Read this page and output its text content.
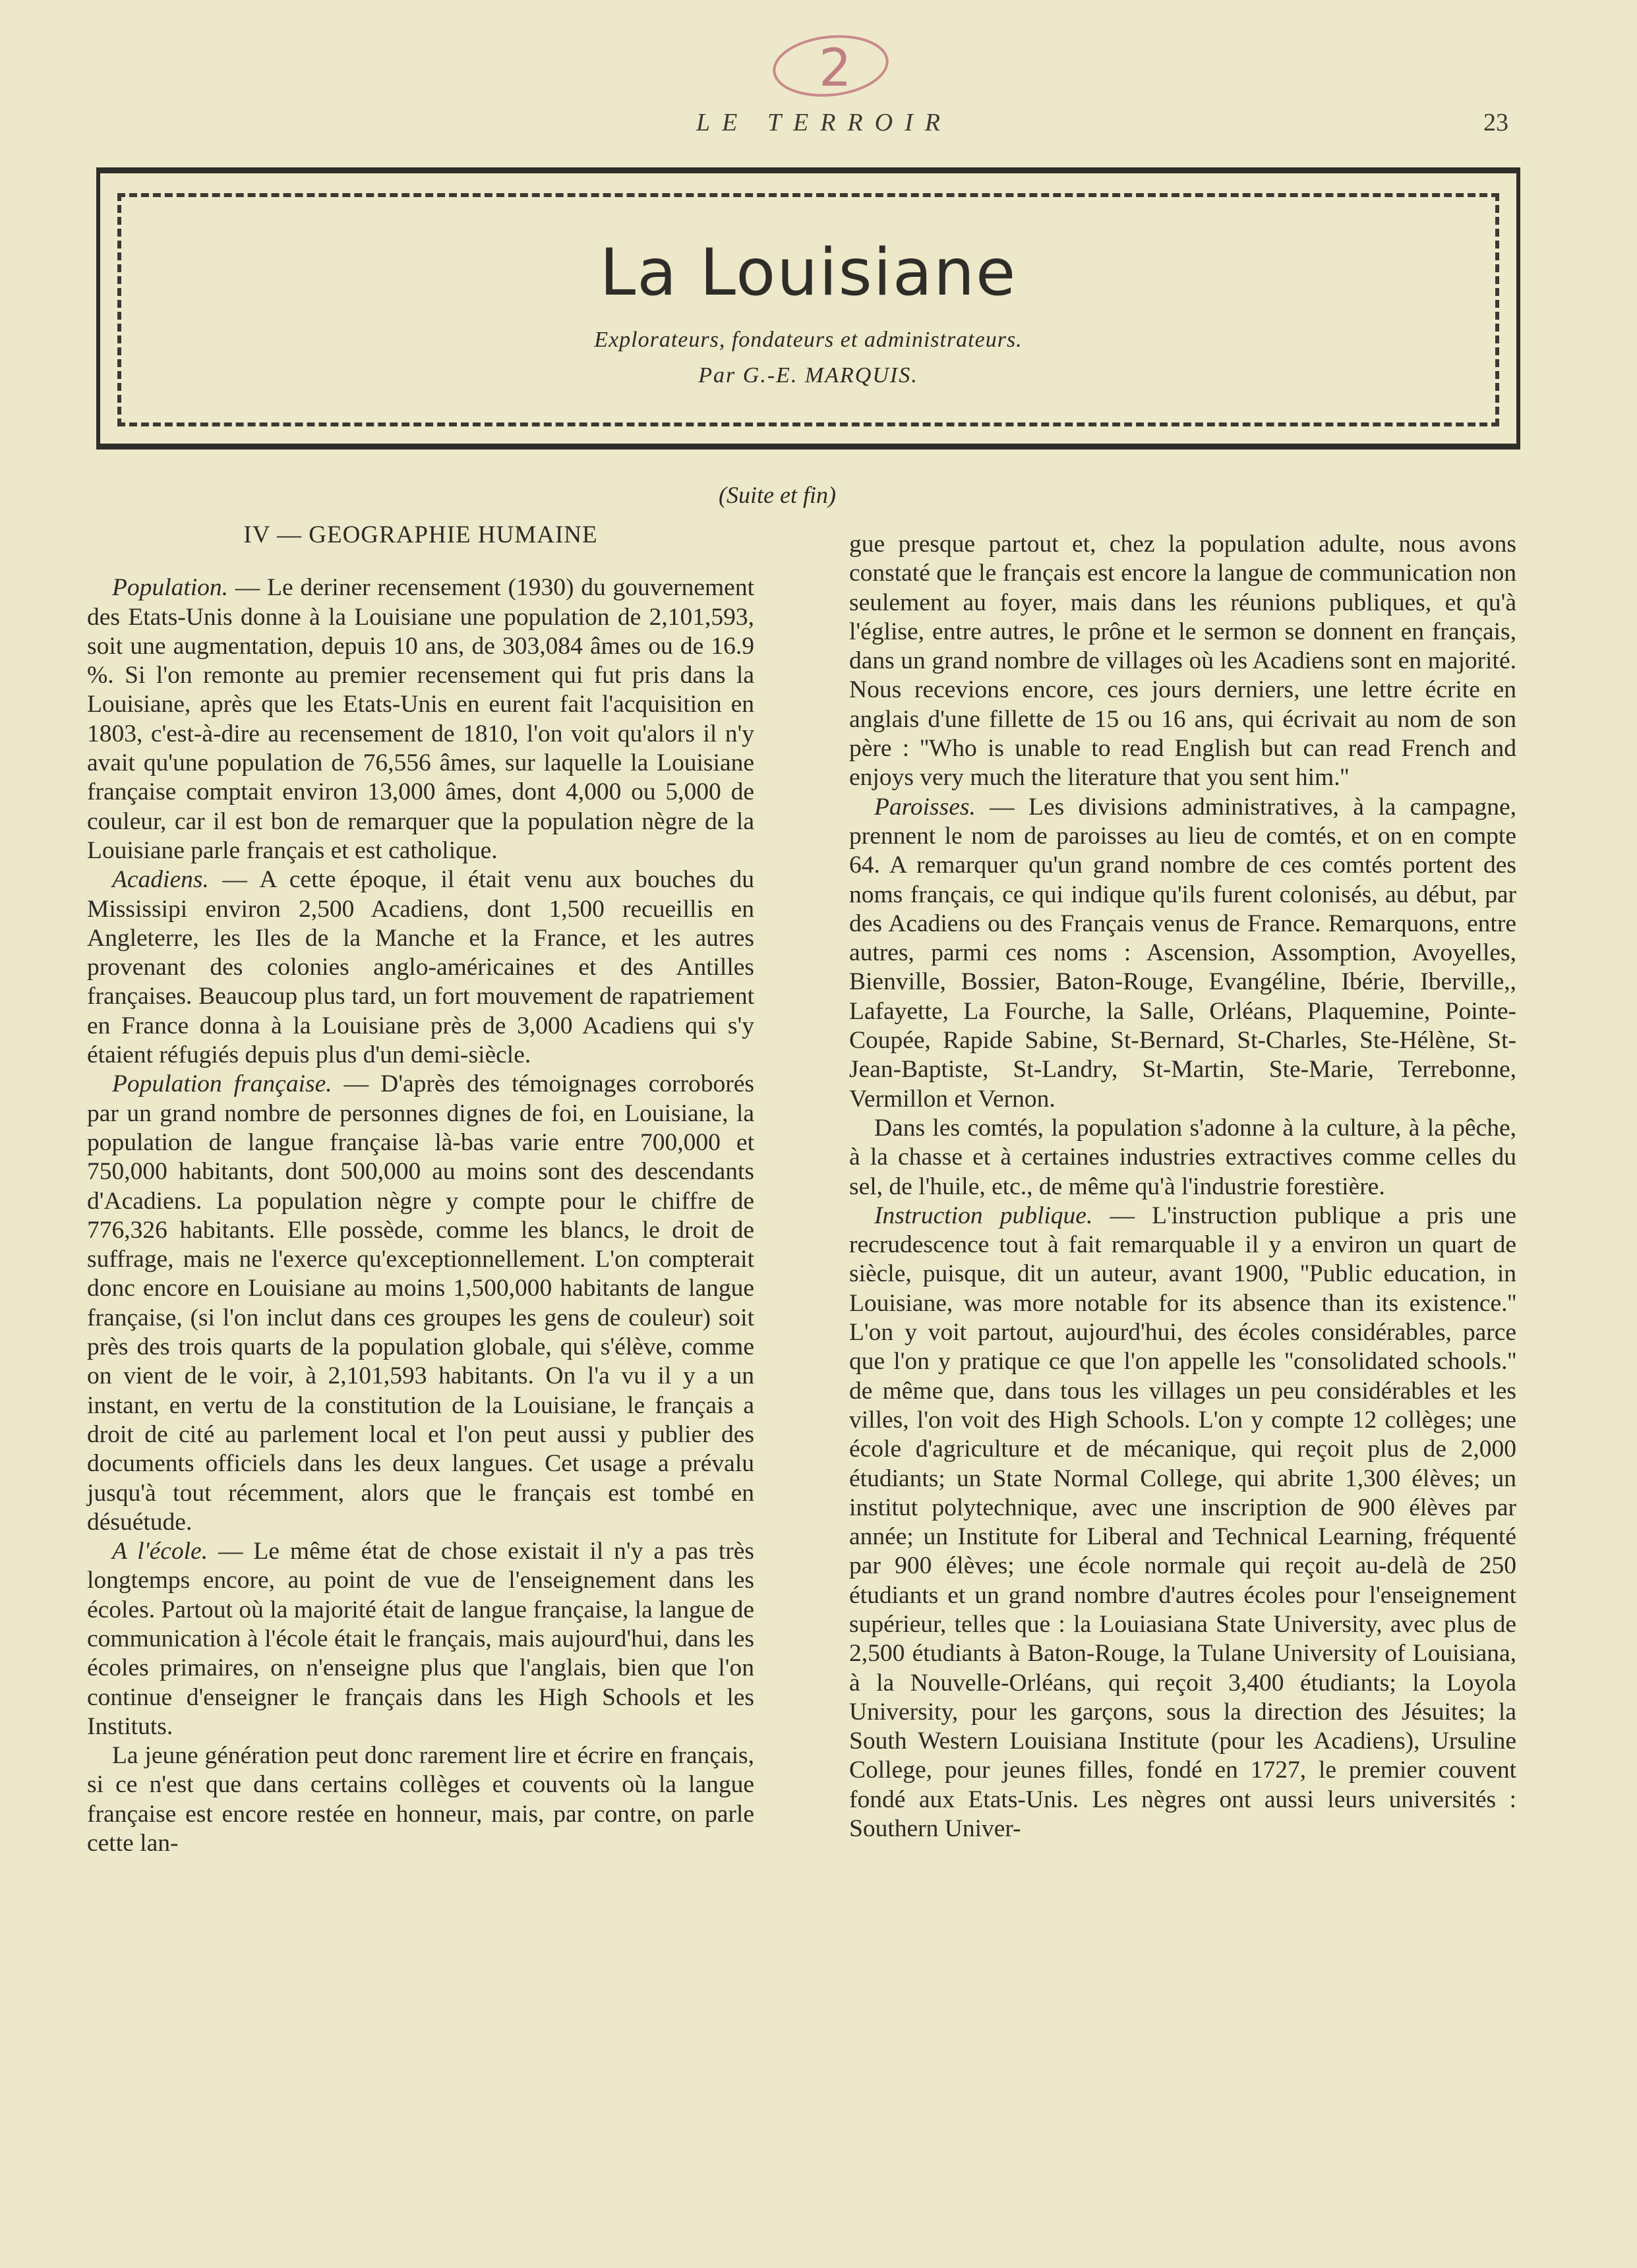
2
LE TERROIR	23
La Louisiane
Explorateurs, fondateurs et administrateurs.
Par G.-E. MARQUIS.
(Suite et fin)

IV — GEOGRAPHIE HUMAINE

Population. — Le deriner recensement (1930) du gouvernement des Etats-Unis donne à la Louisiane une population de 2,101,593, soit une augmentation, depuis 10 ans, de 303,084 âmes ou de 16.9 %. Si l'on remonte au premier recensement qui fut pris dans la Louisiane, après que les Etats-Unis en eurent fait l'acquisition en 1803, c'est-à-dire au recensement de 1810, l'on voit qu'alors il n'y avait qu'une population de 76,556 âmes, sur laquelle la Louisiane française comptait environ 13,000 âmes, dont 4,000 ou 5,000 de couleur, car il est bon de remarquer que la population nègre de la Louisiane parle français et est catholique.

Acadiens. — A cette époque, il était venu aux bouches du Mississipi environ 2,500 Acadiens, dont 1,500 recueillis en Angleterre, les Iles de la Manche et la France, et les autres provenant des colonies anglo-américaines et des Antilles françaises. Beaucoup plus tard, un fort mouvement de rapatriement en France donna à la Louisiane près de 3,000 Acadiens qui s'y étaient réfugiés depuis plus d'un demi-siècle.

Population française. — D'après des témoignages corroborés par un grand nombre de personnes dignes de foi, en Louisiane, la population de langue française là-bas varie entre 700,000 et 750,000 habitants, dont 500,000 au moins sont des descendants d'Acadiens. La population nègre y compte pour le chiffre de 776,326 habitants. Elle possède, comme les blancs, le droit de suffrage, mais ne l'exerce qu'exceptionnellement. L'on compterait donc encore en Louisiane au moins 1,500,000 habitants de langue française, (si l'on inclut dans ces groupes les gens de couleur) soit près des trois quarts de la population globale, qui s'élève, comme on vient de le voir, à 2,101,593 habitants. On l'a vu il y a un instant, en vertu de la constitution de la Louisiane, le français a droit de cité au parlement local et l'on peut aussi y publier des documents officiels dans les deux langues. Cet usage a prévalu jusqu'à tout récemment, alors que le français est tombé en désuétude.

A l'école. — Le même état de chose existait il n'y a pas très longtemps encore, au point de vue de l'enseignement dans les écoles. Partout où la majorité était de langue française, la langue de communication à l'école était le français, mais aujourd'hui, dans les écoles primaires, on n'enseigne plus que l'anglais, bien que l'on continue d'enseigner le français dans les High Schools et les Instituts.

La jeune génération peut donc rarement lire et écrire en français, si ce n'est que dans certains collèges et couvents où la langue française est encore restée en honneur, mais, par contre, on parle cette lan-

gue presque partout et, chez la population adulte, nous avons constaté que le français est encore la langue de communication non seulement au foyer, mais dans les réunions publiques, et qu'à l'église, entre autres, le prône et le sermon se donnent en français, dans un grand nombre de villages où les Acadiens sont en majorité. Nous recevions encore, ces jours derniers, une lettre écrite en anglais d'une fillette de 15 ou 16 ans, qui écrivait au nom de son père : ''Who is unable to read English but can read French and enjoys very much the literature that you sent him.''

Paroisses. — Les divisions administratives, à la campagne, prennent le nom de paroisses au lieu de comtés, et on en compte 64. A remarquer qu'un grand nombre de ces comtés portent des noms français, ce qui indique qu'ils furent colonisés, au début, par des Acadiens ou des Français venus de France. Remarquons, entre autres, parmi ces noms : Ascension, Assomption, Avoyelles, Bienville, Bossier, Baton-Rouge, Evangéline, Ibérie, Iberville,, Lafayette, La Fourche, la Salle, Orléans, Plaquemine, Pointe-Coupée, Rapide Sabine, St-Bernard, St-Charles, Ste-Hélène, St-Jean-Baptiste, St-Landry, St-Martin, Ste-Marie, Terrebonne, Vermillon et Vernon.

Dans les comtés, la population s'adonne à la culture, à la pêche, à la chasse et à certaines industries extractives comme celles du sel, de l'huile, etc., de même qu'à l'industrie forestière.

Instruction publique. — L'instruction publique a pris une recrudescence tout à fait remarquable il y a environ un quart de siècle, puisque, dit un auteur, avant 1900, ''Public education, in Louisiane, was more notable for its absence than its existence.'' L'on y voit partout, aujourd'hui, des écoles considérables, parce que l'on y pratique ce que l'on appelle les ''consolidated schools.'' de même que, dans tous les villages un peu considérables et les villes, l'on voit des High Schools. L'on y compte 12 collèges; une école d'agriculture et de mécanique, qui reçoit plus de 2,000 étudiants; un State Normal College, qui abrite 1,300 élèves; un institut polytechnique, avec une inscription de 900 élèves par année; un Institute for Liberal and Technical Learning, fréquenté par 900 élèves; une école normale qui reçoit au-delà de 250 étudiants et un grand nombre d'autres écoles pour l'enseignement supérieur, telles que : la Louiasiana State University, avec plus de 2,500 étudiants à Baton-Rouge, la Tulane University of Louisiana, à la Nouvelle-Orléans, qui reçoit 3,400 étudiants; la Loyola University, pour les garçons, sous la direction des Jésuites; la South Western Louisiana Institute (pour les Acadiens), Ursuline College, pour jeunes filles, fondé en 1727, le premier couvent fondé aux Etats-Unis. Les nègres ont aussi leurs universités : Southern Univer-
